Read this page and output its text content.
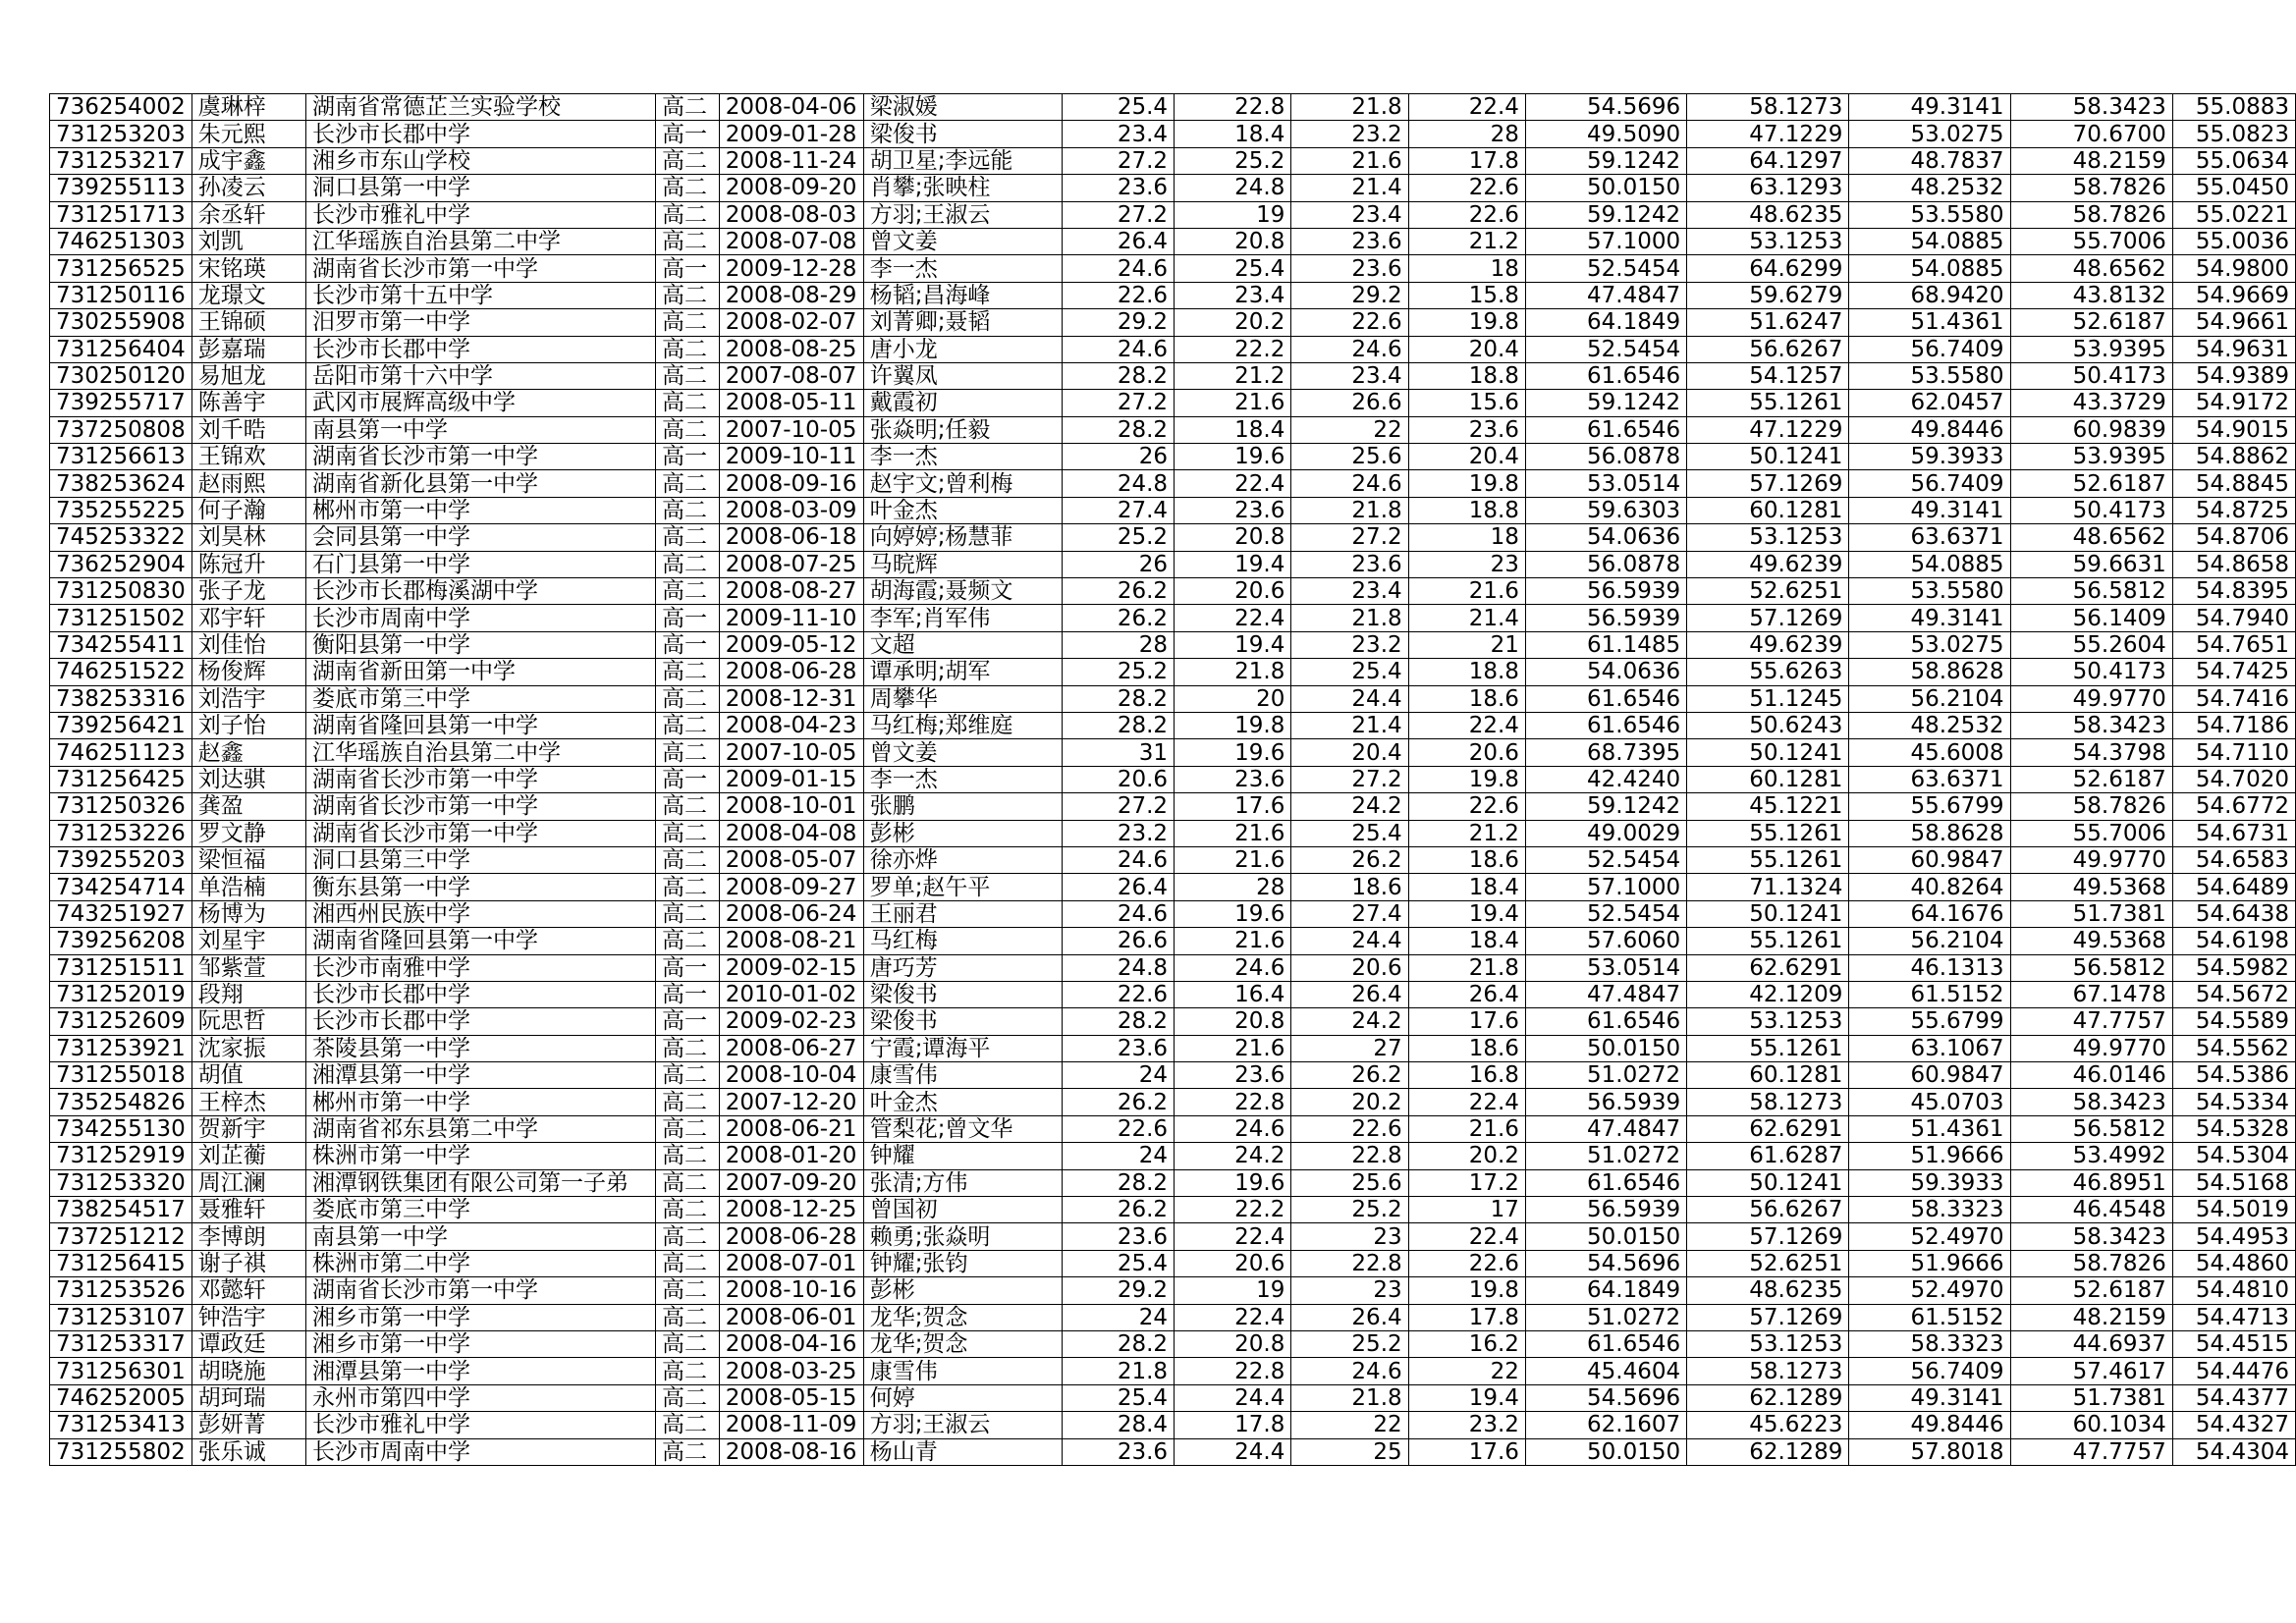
736254002	虞琳梓	湖南省常德芷兰实验学校	高二	2008-04-06	梁淑媛	25.4	22.8	21.8	22.4	54.5696	58.1273	49.3141	58.3423	55.0883
731253203	朱元熙	长沙市长郡中学	高一	2009-01-28	梁俊书	23.4	18.4	23.2	28	49.5090	47.1229	53.0275	70.6700	55.0823
731253217	成宇鑫	湘乡市东山学校	高二	2008-11-24	胡卫星;李远能	27.2	25.2	21.6	17.8	59.1242	64.1297	48.7837	48.2159	55.0634
739255113	孙凌云	洞口县第一中学	高二	2008-09-20	肖攀;张映柱	23.6	24.8	21.4	22.6	50.0150	63.1293	48.2532	58.7826	55.0450
731251713	余丞轩	长沙市雅礼中学	高二	2008-08-03	方羽;王淑云	27.2	19	23.4	22.6	59.1242	48.6235	53.5580	58.7826	55.0221
746251303	刘凯	江华瑶族自治县第二中学	高二	2008-07-08	曾文姜	26.4	20.8	23.6	21.2	57.1000	53.1253	54.0885	55.7006	55.0036
731256525	宋铭瑛	湖南省长沙市第一中学	高一	2009-12-28	李一杰	24.6	25.4	23.6	18	52.5454	64.6299	54.0885	48.6562	54.9800
731250116	龙璟文	长沙市第十五中学	高二	2008-08-29	杨韬;昌海峰	22.6	23.4	29.2	15.8	47.4847	59.6279	68.9420	43.8132	54.9669
730255908	王锦硕	汨罗市第一中学	高二	2008-02-07	刘菁卿;聂韬	29.2	20.2	22.6	19.8	64.1849	51.6247	51.4361	52.6187	54.9661
731256404	彭嘉瑞	长沙市长郡中学	高二	2008-08-25	唐小龙	24.6	22.2	24.6	20.4	52.5454	56.6267	56.7409	53.9395	54.9631
730250120	易旭龙	岳阳市第十六中学	高二	2007-08-07	许翼凤	28.2	21.2	23.4	18.8	61.6546	54.1257	53.5580	50.4173	54.9389
739255717	陈善宇	武冈市展辉高级中学	高二	2008-05-11	戴霞初	27.2	21.6	26.6	15.6	59.1242	55.1261	62.0457	43.3729	54.9172
737250808	刘千晧	南县第一中学	高二	2007-10-05	张焱明;任毅	28.2	18.4	22	23.6	61.6546	47.1229	49.8446	60.9839	54.9015
731256613	王锦欢	湖南省长沙市第一中学	高一	2009-10-11	李一杰	26	19.6	25.6	20.4	56.0878	50.1241	59.3933	53.9395	54.8862
738253624	赵雨熙	湖南省新化县第一中学	高二	2008-09-16	赵宇文;曾利梅	24.8	22.4	24.6	19.8	53.0514	57.1269	56.7409	52.6187	54.8845
735255225	何子瀚	郴州市第一中学	高二	2008-03-09	叶金杰	27.4	23.6	21.8	18.8	59.6303	60.1281	49.3141	50.4173	54.8725
745253322	刘昊林	会同县第一中学	高二	2008-06-18	向婷婷;杨慧菲	25.2	20.8	27.2	18	54.0636	53.1253	63.6371	48.6562	54.8706
736252904	陈冠升	石门县第一中学	高二	2008-07-25	马晥辉	26	19.4	23.6	23	56.0878	49.6239	54.0885	59.6631	54.8658
731250830	张子龙	长沙市长郡梅溪湖中学	高二	2008-08-27	胡海霞;聂频文	26.2	20.6	23.4	21.6	56.5939	52.6251	53.5580	56.5812	54.8395
731251502	邓宇轩	长沙市周南中学	高一	2009-11-10	李军;肖军伟	26.2	22.4	21.8	21.4	56.5939	57.1269	49.3141	56.1409	54.7940
734255411	刘佳怡	衡阳县第一中学	高一	2009-05-12	文超	28	19.4	23.2	21	61.1485	49.6239	53.0275	55.2604	54.7651
746251522	杨俊辉	湖南省新田第一中学	高二	2008-06-28	谭承明;胡军	25.2	21.8	25.4	18.8	54.0636	55.6263	58.8628	50.4173	54.7425
738253316	刘浩宇	娄底市第三中学	高二	2008-12-31	周攀华	28.2	20	24.4	18.6	61.6546	51.1245	56.2104	49.9770	54.7416
739256421	刘子怡	湖南省隆回县第一中学	高二	2008-04-23	马红梅;郑维庭	28.2	19.8	21.4	22.4	61.6546	50.6243	48.2532	58.3423	54.7186
746251123	赵鑫	江华瑶族自治县第二中学	高二	2007-10-05	曾文姜	31	19.6	20.4	20.6	68.7395	50.1241	45.6008	54.3798	54.7110
731256425	刘达骐	湖南省长沙市第一中学	高一	2009-01-15	李一杰	20.6	23.6	27.2	19.8	42.4240	60.1281	63.6371	52.6187	54.7020
731250326	龚盈	湖南省长沙市第一中学	高二	2008-10-01	张鹏	27.2	17.6	24.2	22.6	59.1242	45.1221	55.6799	58.7826	54.6772
731253226	罗文静	湖南省长沙市第一中学	高二	2008-04-08	彭彬	23.2	21.6	25.4	21.2	49.0029	55.1261	58.8628	55.7006	54.6731
739255203	梁恒福	洞口县第三中学	高二	2008-05-07	徐亦烨	24.6	21.6	26.2	18.6	52.5454	55.1261	60.9847	49.9770	54.6583
734254714	单浩楠	衡东县第一中学	高二	2008-09-27	罗单;赵午平	26.4	28	18.6	18.4	57.1000	71.1324	40.8264	49.5368	54.6489
743251927	杨博为	湘西州民族中学	高二	2008-06-24	王丽君	24.6	19.6	27.4	19.4	52.5454	50.1241	64.1676	51.7381	54.6438
739256208	刘星宇	湖南省隆回县第一中学	高二	2008-08-21	马红梅	26.6	21.6	24.4	18.4	57.6060	55.1261	56.2104	49.5368	54.6198
731251511	邹紫萱	长沙市南雅中学	高一	2009-02-15	唐巧芳	24.8	24.6	20.6	21.8	53.0514	62.6291	46.1313	56.5812	54.5982
731252019	段翔	长沙市长郡中学	高一	2010-01-02	梁俊书	22.6	16.4	26.4	26.4	47.4847	42.1209	61.5152	67.1478	54.5672
731252609	阮思哲	长沙市长郡中学	高一	2009-02-23	梁俊书	28.2	20.8	24.2	17.6	61.6546	53.1253	55.6799	47.7757	54.5589
731253921	沈家振	茶陵县第一中学	高二	2008-06-27	宁霞;谭海平	23.6	21.6	27	18.6	50.0150	55.1261	63.1067	49.9770	54.5562
731255018	胡值	湘潭县第一中学	高二	2008-10-04	康雪伟	24	23.6	26.2	16.8	51.0272	60.1281	60.9847	46.0146	54.5386
735254826	王梓杰	郴州市第一中学	高二	2007-12-20	叶金杰	26.2	22.8	20.2	22.4	56.5939	58.1273	45.0703	58.3423	54.5334
734255130	贺新宇	湖南省祁东县第二中学	高二	2008-06-21	管梨花;曾文华	22.6	24.6	22.6	21.6	47.4847	62.6291	51.4361	56.5812	54.5328
731252919	刘芷蘅	株洲市第一中学	高二	2008-01-20	钟耀	24	24.2	22.8	20.2	51.0272	61.6287	51.9666	53.4992	54.5304
731253320	周江澜	湘潭钢铁集团有限公司第一子弟	高二	2007-09-20	张清;方伟	28.2	19.6	25.6	17.2	61.6546	50.1241	59.3933	46.8951	54.5168
738254517	聂雅轩	娄底市第三中学	高二	2008-12-25	曾国初	26.2	22.2	25.2	17	56.5939	56.6267	58.3323	46.4548	54.5019
737251212	李博朗	南县第一中学	高二	2008-06-28	赖勇;张焱明	23.6	22.4	23	22.4	50.0150	57.1269	52.4970	58.3423	54.4953
731256415	谢子祺	株洲市第二中学	高二	2008-07-01	钟耀;张钧	25.4	20.6	22.8	22.6	54.5696	52.6251	51.9666	58.7826	54.4860
731253526	邓懿轩	湖南省长沙市第一中学	高二	2008-10-16	彭彬	29.2	19	23	19.8	64.1849	48.6235	52.4970	52.6187	54.4810
731253107	钟浩宇	湘乡市第一中学	高二	2008-06-01	龙华;贺念	24	22.4	26.4	17.8	51.0272	57.1269	61.5152	48.2159	54.4713
731253317	谭政廷	湘乡市第一中学	高二	2008-04-16	龙华;贺念	28.2	20.8	25.2	16.2	61.6546	53.1253	58.3323	44.6937	54.4515
731256301	胡晓施	湘潭县第一中学	高二	2008-03-25	康雪伟	21.8	22.8	24.6	22	45.4604	58.1273	56.7409	57.4617	54.4476
746252005	胡珂瑞	永州市第四中学	高二	2008-05-15	何婷	25.4	24.4	21.8	19.4	54.5696	62.1289	49.3141	51.7381	54.4377
731253413	彭妍菁	长沙市雅礼中学	高二	2008-11-09	方羽;王淑云	28.4	17.8	22	23.2	62.1607	45.6223	49.8446	60.1034	54.4327
731255802	张乐诚	长沙市周南中学	高二	2008-08-16	杨山青	23.6	24.4	25	17.6	50.0150	62.1289	57.8018	47.7757	54.4304
